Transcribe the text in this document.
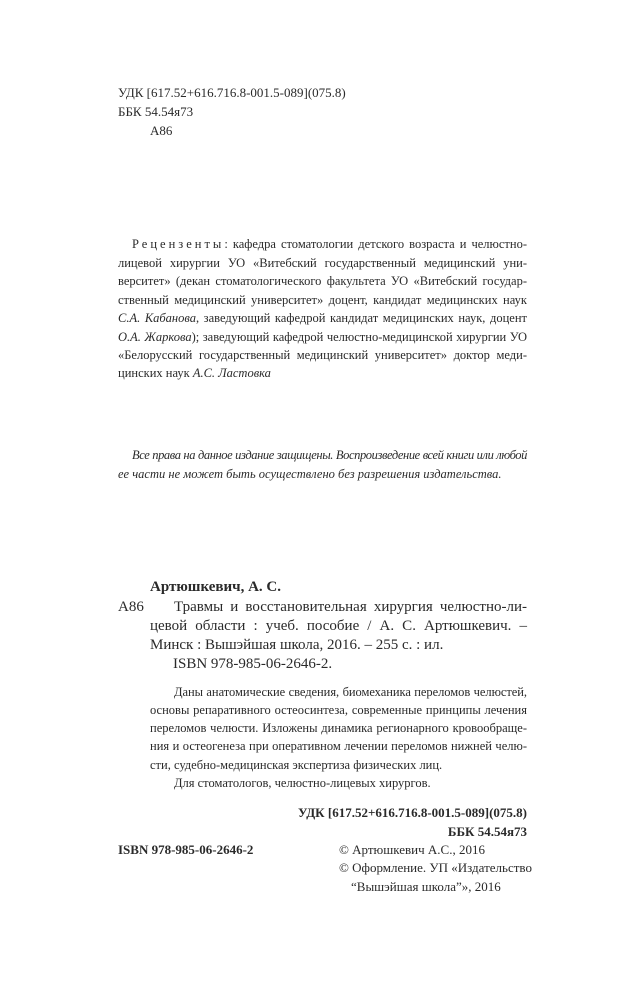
УДК [617.52+616.716.8-001.5-089](075.8)
ББК 54.54я73
А86
Рецензенты: кафедра стоматологии детского возраста и челюстно-
лицевой хирургии УО «Витебский государственный медицинский уни-
верситет» (декан стоматологического факультета УО «Витебский государ-
ственный медицинский университет» доцент, кандидат медицинских наук
С.А. Кабанова, заведующий кафедрой кандидат медицинских наук, доцент
О.А. Жаркова); заведующий кафедрой челюстно-медицинской хирургии УО
«Белорусский государственный медицинский университет» доктор меди-
цинских наук А.С. Ластовка
Все права на данное издание защищены. Воспроизведение всей книги или любой
ее части не может быть осуществлено без разрешения издательства.
Артюшкевич, А. С.
А86	Травмы и восстановительная хирургия челюстно-ли-
цевой области : учеб. пособие / А. С. Артюшкевич. –
Минск : Вышэйшая школа, 2016. – 255 с. : ил.
ISBN 978-985-06-2646-2.
Даны анатомические сведения, биомеханика переломов челюстей,
основы репаративного остеосинтеза, современные принципы лечения
переломов челюсти. Изложены динамика регионарного кровообраще-
ния и остеогенеза при оперативном лечении переломов нижней челю-
сти, судебно-медицинская экспертиза физических лиц.
Для стоматологов, челюстно-лицевых хирургов.
УДК [617.52+616.716.8-001.5-089](075.8)
ББК 54.54я73
ISBN 978-985-06-2646-2	© Артюшкевич А.С., 2016
© Оформление. УП «Издательство
“Вышэйшая школа”», 2016
